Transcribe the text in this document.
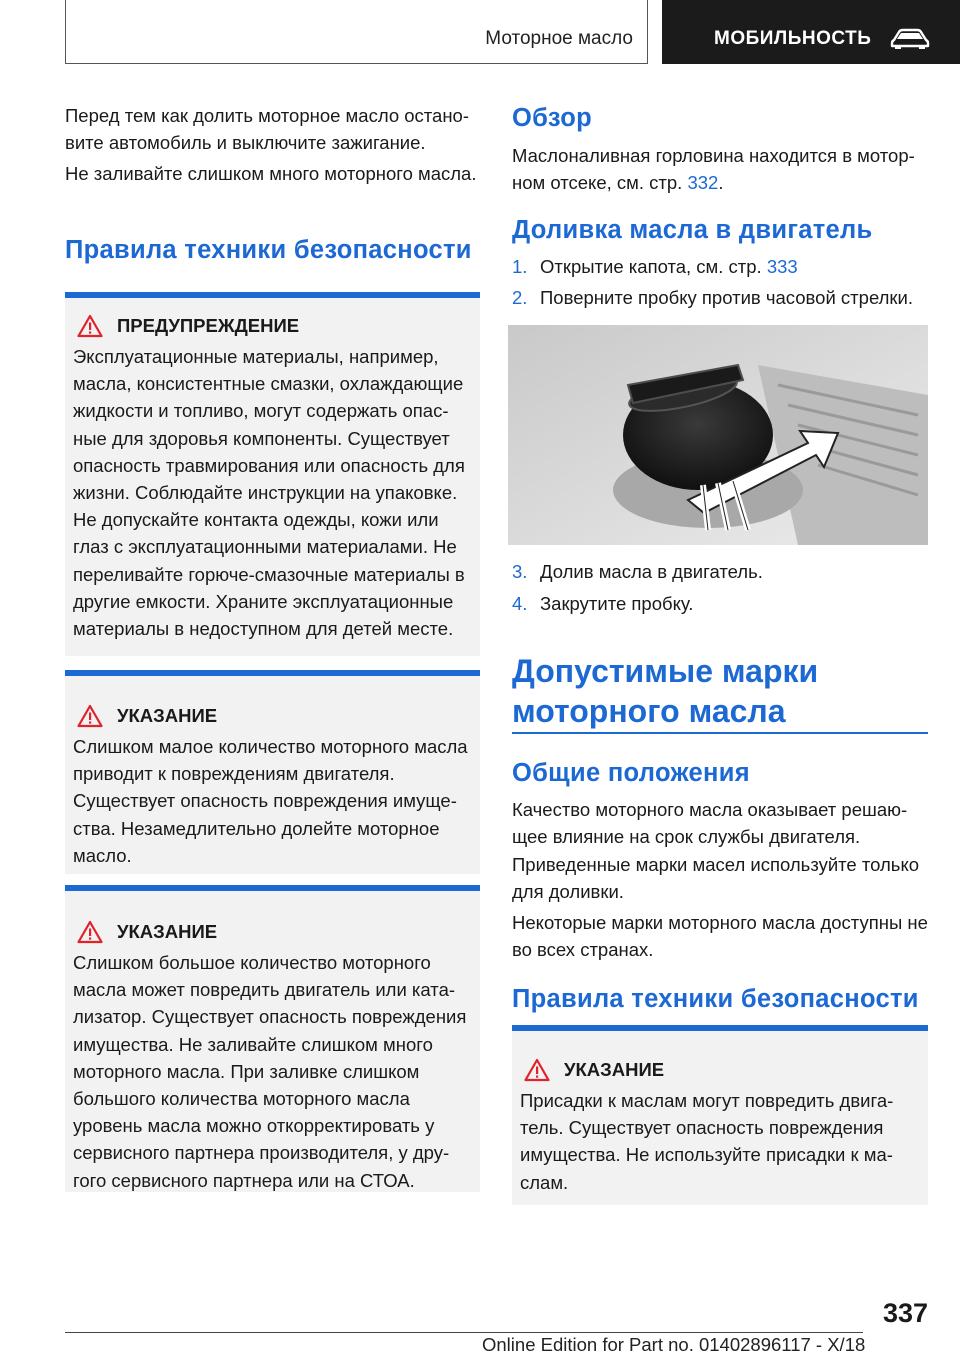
Моторное масло	МОБИЛЬНОСТЬ

Перед тем как долить моторное масло остановите автомобиль и выключите зажигание.

Не заливайте слишком много моторного масла.

Правила техники безопасности
ПРЕДУПРЕЖДЕНИЕ

Эксплуатационные материалы, например, масла, консистентные смазки, охлаждающие жидкости и топливо, могут содержать опасные для здоровья компоненты. Существует опасность травмирования или опасность для жизни. Соблюдайте инструкции на упаковке. Не допускайте контакта одежды, кожи или глаз с эксплуатационными материалами. Не переливайте горюче-смазочные материалы в другие емкости. Храните эксплуатационные материалы в недоступном для детей месте.

УКАЗАНИЕ

Слишком малое количество моторного масла приводит к повреждениям двигателя. Существует опасность повреждения имущества. Незамедлительно долейте моторное масло.

УКАЗАНИЕ

Слишком большое количество моторного масла может повредить двигатель или катализатор. Существует опасность повреждения имущества. Не заливайте слишком много моторного масла. При заливке слишком большого количества моторного масла уровень масла можно откорректировать у сервисного партнера производителя, у другого сервисного партнера или на СТОА.

Обзор

Маслоналивная горловина находится в моторном отсеке, см. стр. 332.

Доливка масла в двигатель
1. Открытие капота, см. стр. 333
2. Поверните пробку против часовой стрелки.
3. Долив масла в двигатель.
4. Закрутите пробку.
Допустимые марки моторного масла
Общие положения

Качество моторного масла оказывает решающее влияние на срок службы двигателя.

Приведенные марки масел используйте только для доливки.

Некоторые марки моторного масла доступны не во всех странах.

Правила техники безопасности
УКАЗАНИЕ

Присадки к маслам могут повредить двигатель. Существует опасность повреждения имущества. Не используйте присадки к маслам.

337
Online Edition for Part no. 01402896117 - X/18
